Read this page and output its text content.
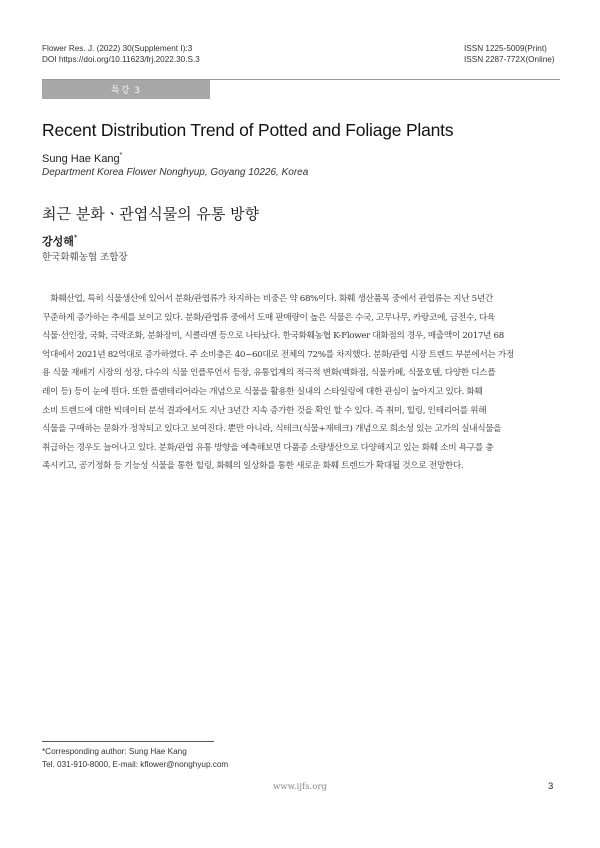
Flower Res. J. (2022) 30(Supplement Ⅰ):3
DOI https://doi.org/10.11623/frj.2022.30.S.3
ISSN 1225-5009(Print)
ISSN 2287-772X(Online)
특강 3
Recent Distribution Trend of Potted and Foliage Plants
Sung Hae Kang*
Department Korea Flower Nonghyup, Goyang 10226, Korea
최근 분화ㆍ관엽식물의 유통 방향
강성해*
한국화훼농협 조합장
　화훼산업, 특히 식물생산에 있어서 분화/관엽류가 차지하는 비중은 약 68%이다. 화훼 생산품목 중에서 관엽류는 지난 5년간
꾸준하게 증가하는 추세를 보이고 있다. 분화/관엽류 중에서 도매 판매량이 높은 식물은 수국, 고무나무, 카랑코에, 금전수, 다육
식물·선인장, 국화, 극락조화, 분화장미, 시클라멘 등으로 나타났다. 한국화훼농협 K-Flower 대화점의 경우, 매출액이 2017년 68
억대에서 2021년 82억대로 증가하였다. 주 소비층은 40~60대로 전체의 72%를 차지했다. 분화/관엽 시장 트렌드 부분에서는 가정
용 식물 재배기 시장의 성장, 다수의 식물 인플루언서 등장, 유통업계의 적극적 변화(백화점, 식물카페, 식물호텔, 다양한 디스플
레이 등) 등이 눈에 띈다. 또한 플랜테리어라는 개념으로 식물을 활용한 실내의 스타일링에 대한 관심이 높아지고 있다. 화훼
소비 트렌드에 대한 빅데이터 분석 결과에서도 지난 3년간 지속 증가한 것을 확인 할 수 있다. 즉 취미, 힐링, 인테리어를 위해
식물을 구매하는 문화가 정착되고 있다고 보여진다. 뿐만 아니라, 식테크(식물+재테크) 개념으로 희소성 있는 고가의 실내식물을
취급하는 경우도 늘어나고 있다. 분화/관엽 유통 방향을 예측해보면 다품종 소량생산으로 다양해지고 있는 화훼 소비 욕구를 충
족시키고, 공기정화 등 기능성 식물을 통한 힐링, 화훼의 일상화를 통한 새로운 화훼 트렌드가 확대될 것으로 전망한다.
*Corresponding author: Sung Hae Kang
Tel. 031-910-8000, E-mail: kflower@nonghyup.com
www.ijfs.org	3
